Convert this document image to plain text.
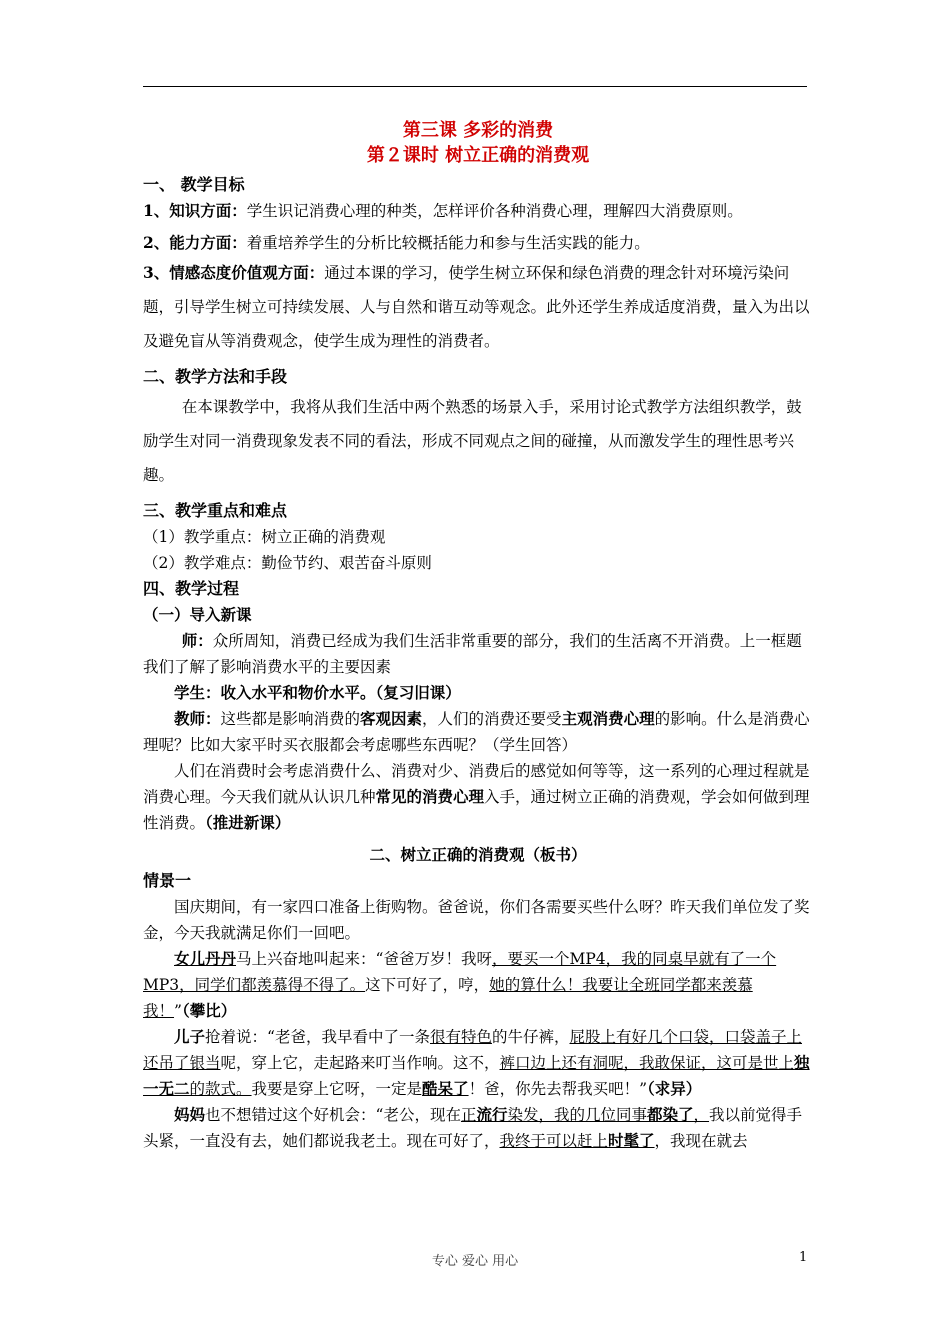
第三课 多彩的消费

第２课时 树立正确的消费观

一、 教学目标

1、知识方面：学生识记消费心理的种类，怎样评价各种消费心理，理解四大消费原则。

2、能力方面：着重培养学生的分析比较概括能力和参与生活实践的能力。

3、情感态度价值观方面：通过本课的学习，使学生树立环保和绿色消费的理念针对环境污染问题，引导学生树立可持续发展、人与自然和谐互动等观念。此外还学生养成适度消费，量入为出以及避免盲从等消费观念，使学生成为理性的消费者。

二、教学方法和手段

在本课教学中，我将从我们生活中两个熟悉的场景入手，采用讨论式教学方法组织教学，鼓励学生对同一消费现象发表不同的看法，形成不同观点之间的碰撞，从而激发学生的理性思考兴趣。

三、教学重点和难点

（1）教学重点：树立正确的消费观

（2）教学难点：勤俭节约、艰苦奋斗原则

四、教学过程

（一）导入新课

师：众所周知，消费已经成为我们生活非常重要的部分，我们的生活离不开消费。上一框题我们了解了影响消费水平的主要因素

学生：收入水平和物价水平。（复习旧课）

教师：这些都是影响消费的客观因素，人们的消费还要受主观消费心理的影响。什么是消费心理呢？比如大家平时买衣服都会考虑哪些东西呢？（学生回答）

人们在消费时会考虑消费什么、消费对少、消费后的感觉如何等等，这一系列的心理过程就是消费心理。今天我们就从认识几种常见的消费心理入手，通过树立正确的消费观，学会如何做到理性消费。（推进新课）

二、树立正确的消费观（板书）

情景一

国庆期间，有一家四口准备上街购物。爸爸说，你们各需要买些什么呀？昨天我们单位发了奖金，今天我就满足你们一回吧。

女儿丹丹马上兴奋地叫起来：“爸爸万岁！我呀，要买一个MP4，我的同桌早就有了一个MP3，同学们都羡慕得不得了。这下可好了，哼，她的算什么！我要让全班同学都来羡慕我！”（攀比）

儿子抢着说：“老爸，我早看中了一条很有特色的牛仔裤，屁股上有好几个口袋，口袋盖子上还吊了银当呢，穿上它，走起路来叮当作响。这不，裤口边上还有洞呢，我敢保证，这可是世上独一无二的款式。我要是穿上它呀，一定是酷呆了！爸，你先去帮我买吧！”（求异）

妈妈也不想错过这个好机会：“老公，现在正流行染发，我的几位同事都染了，我以前觉得手头紧，一直没有去，她们都说我老土。现在可好了，我终于可以赶上时髦了，我现在就去

专心 爱心 用心	1
